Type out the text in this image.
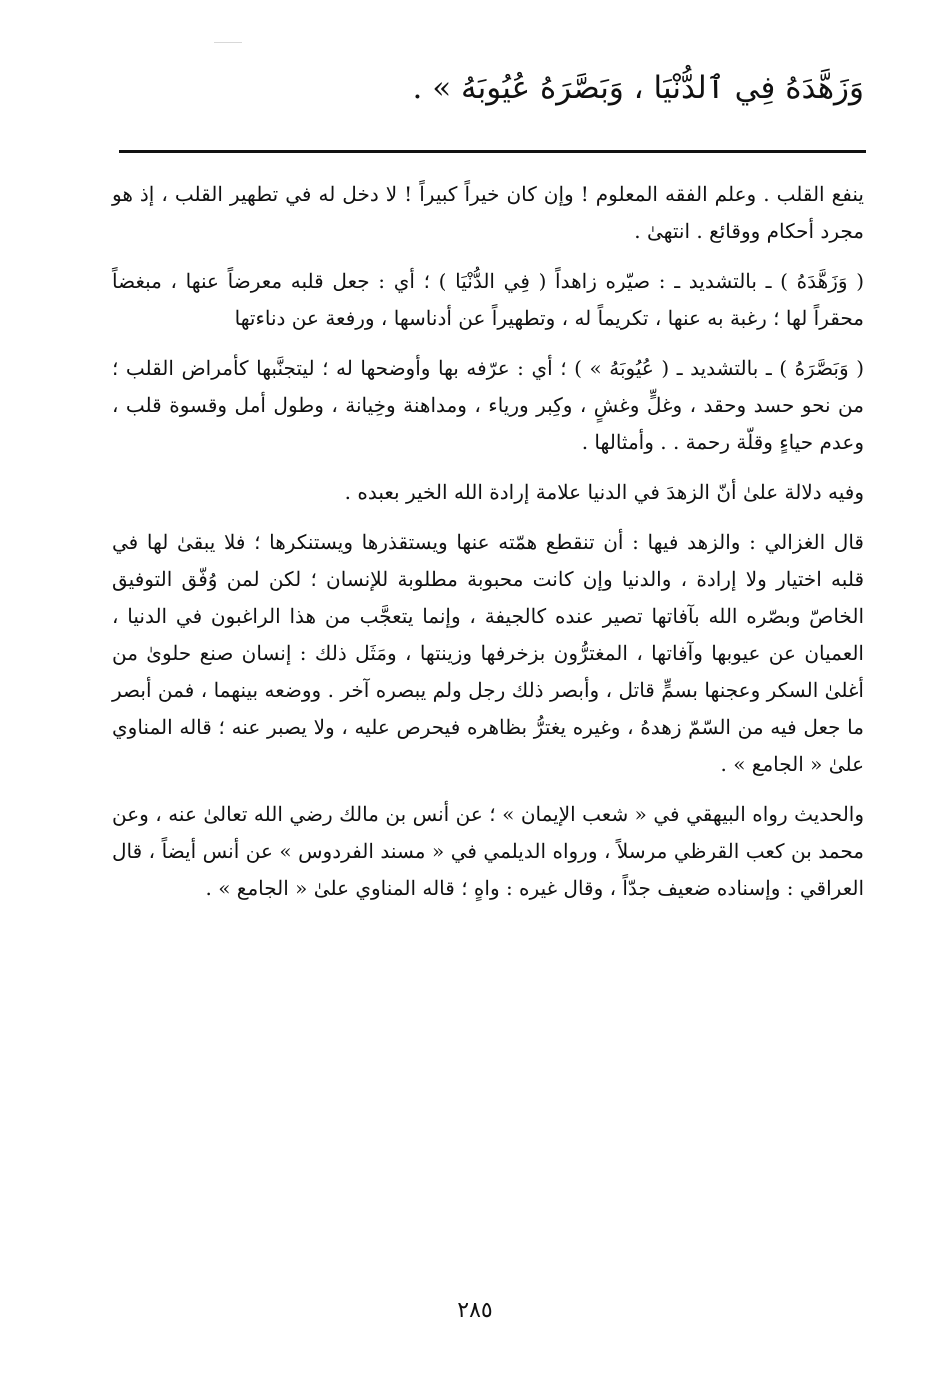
وَزَهَّدَهُ فِي ٱلدُّنْيَا ، وَبَصَّرَهُ عُيُوبَهُ » .

ينفع القلب . وعلم الفقه المعلوم ! وإن كان خيراً كبيراً ! لا دخل له في تطهير القلب ، إذ هو مجرد أحكام ووقائع . انتهىٰ .

( وَزَهَّدَهُ ) ـ بالتشديد ـ : صيّره زاهداً ( فِي الدُّنْيَا ) ؛ أي : جعل قلبه معرضاً عنها ، مبغضاً محقراً لها ؛ رغبة به عنها ، تكريماً له ، وتطهيراً عن أدناسها ، ورفعة عن دناءتها

( وَبَصَّرَهُ ) ـ بالتشديد ـ ( عُيُوبَهُ » ) ؛ أي : عرّفه بها وأوضحها له ؛ ليتجنَّبها كأمراض القلب ؛ من نحو حسد وحقد ، وغلٍّ وغشٍ ، وكِبر ورياء ، ومداهنة وخِيانة ، وطول أمل وقسوة قلب ، وعدم حياءٍ وقلّة رحمة . . وأمثالها .

وفيه دلالة علىٰ أنّ الزهدَ في الدنيا علامة إرادة الله الخير بعبده .

قال الغزالي : والزهد فيها : أن تنقطع همّته عنها ويستقذرها ويستنكرها ؛ فلا يبقىٰ لها في قلبه اختيار ولا إرادة ، والدنيا وإن كانت محبوبة مطلوبة للإنسان ؛ لكن لمن وُفّق التوفيق الخاصّ وبصّره الله بآفاتها تصير عنده كالجيفة ، وإنما يتعجَّب من هذا الراغبون في الدنيا ، العميان عن عيوبها وآفاتها ، المغترُّون بزخرفها وزينتها ، ومَثَل ذلك : إنسان صنع حلوىٰ من أغلىٰ السكر وعجنها بسمٍّ قاتل ، وأبصر ذلك رجل ولم يبصره آخر . ووضعه بينهما ، فمن أبصر ما جعل فيه من السّمّ زهدهُ ، وغيره يغترُّ بظاهره فيحرص عليه ، ولا يصبر عنه ؛ قاله المناوي علىٰ « الجامع » .

والحديث رواه البيهقي في « شعب الإيمان » ؛ عن أنس بن مالك رضي الله تعالىٰ عنه ، وعن محمد بن كعب القرظي مرسلاً ، ورواه الديلمي في « مسند الفردوس » عن أنس أيضاً ، قال العراقي : وإسناده ضعيف جدّاً ، وقال غيره : واهٍ ؛ قاله المناوي علىٰ « الجامع » .

٢٨٥
